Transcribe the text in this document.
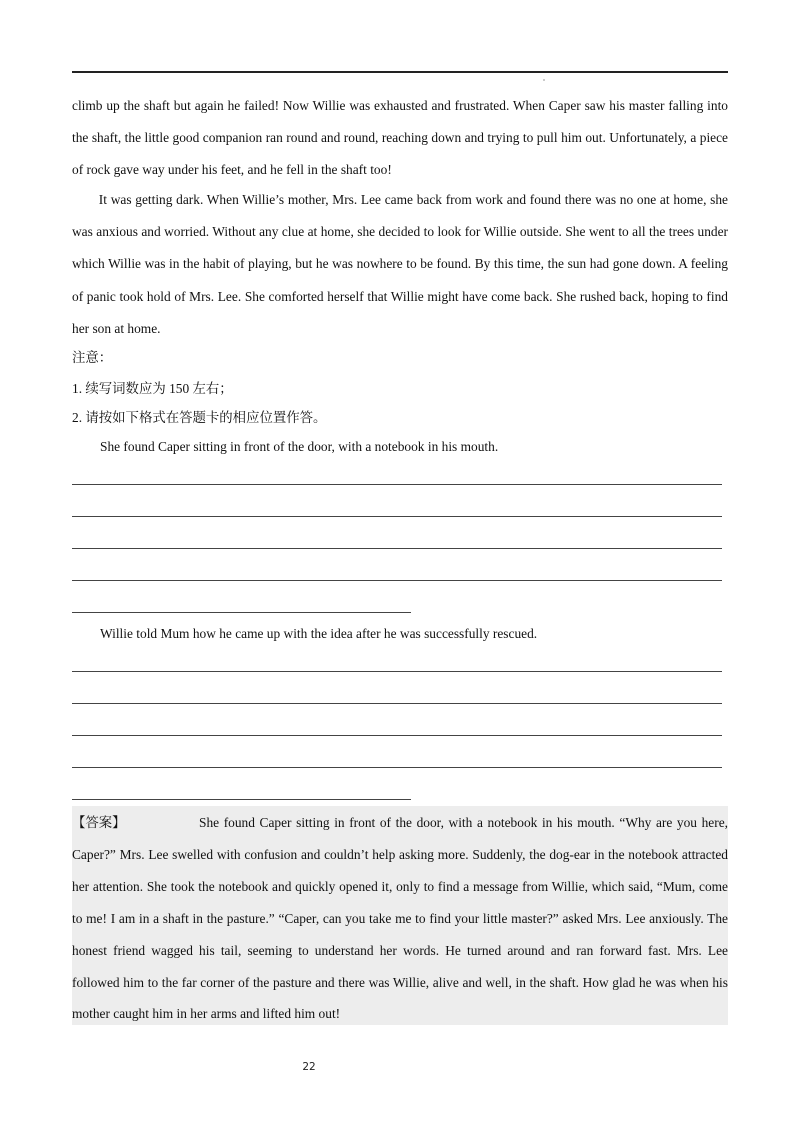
climb up the shaft but again he failed! Now Willie was exhausted and frustrated. When Caper saw his master falling into the shaft, the little good companion ran round and round, reaching down and trying to pull him out. Unfortunately, a piece of rock gave way under his feet, and he fell in the shaft too!

It was getting dark. When Willie’s mother, Mrs. Lee came back from work and found there was no one at home, she was anxious and worried. Without any clue at home, she decided to look for Willie outside. She went to all the trees under which Willie was in the habit of playing, but he was nowhere to be found. By this time, the sun had gone down. A feeling of panic took hold of Mrs. Lee. She comforted herself that Willie might have come back. She rushed back, hoping to find her son at home.

注意：

1. 续写词数应为 150 左右；

2. 请按如下格式在答题卡的相应位置作答。

She found Caper sitting in front of the door, with a notebook in his mouth.

Willie told Mum how he came up with the idea after he was successfully rescued.

【答案】	She found Caper sitting in front of the door, with a notebook in his mouth. “Why are you here, Caper?” Mrs. Lee swelled with confusion and couldn’t help asking more. Suddenly, the dog-ear in the notebook attracted her attention. She took the notebook and quickly opened it, only to find a message from Willie, which said, “Mum, come to me! I am in a shaft in the pasture.” “Caper, can you take me to find your little master?” asked Mrs. Lee anxiously. The honest friend wagged his tail, seeming to understand her words. He turned around and ran forward fast. Mrs. Lee followed him to the far corner of the pasture and there was Willie, alive and well, in the shaft. How glad he was when his mother caught him in her arms and lifted him out!

22
